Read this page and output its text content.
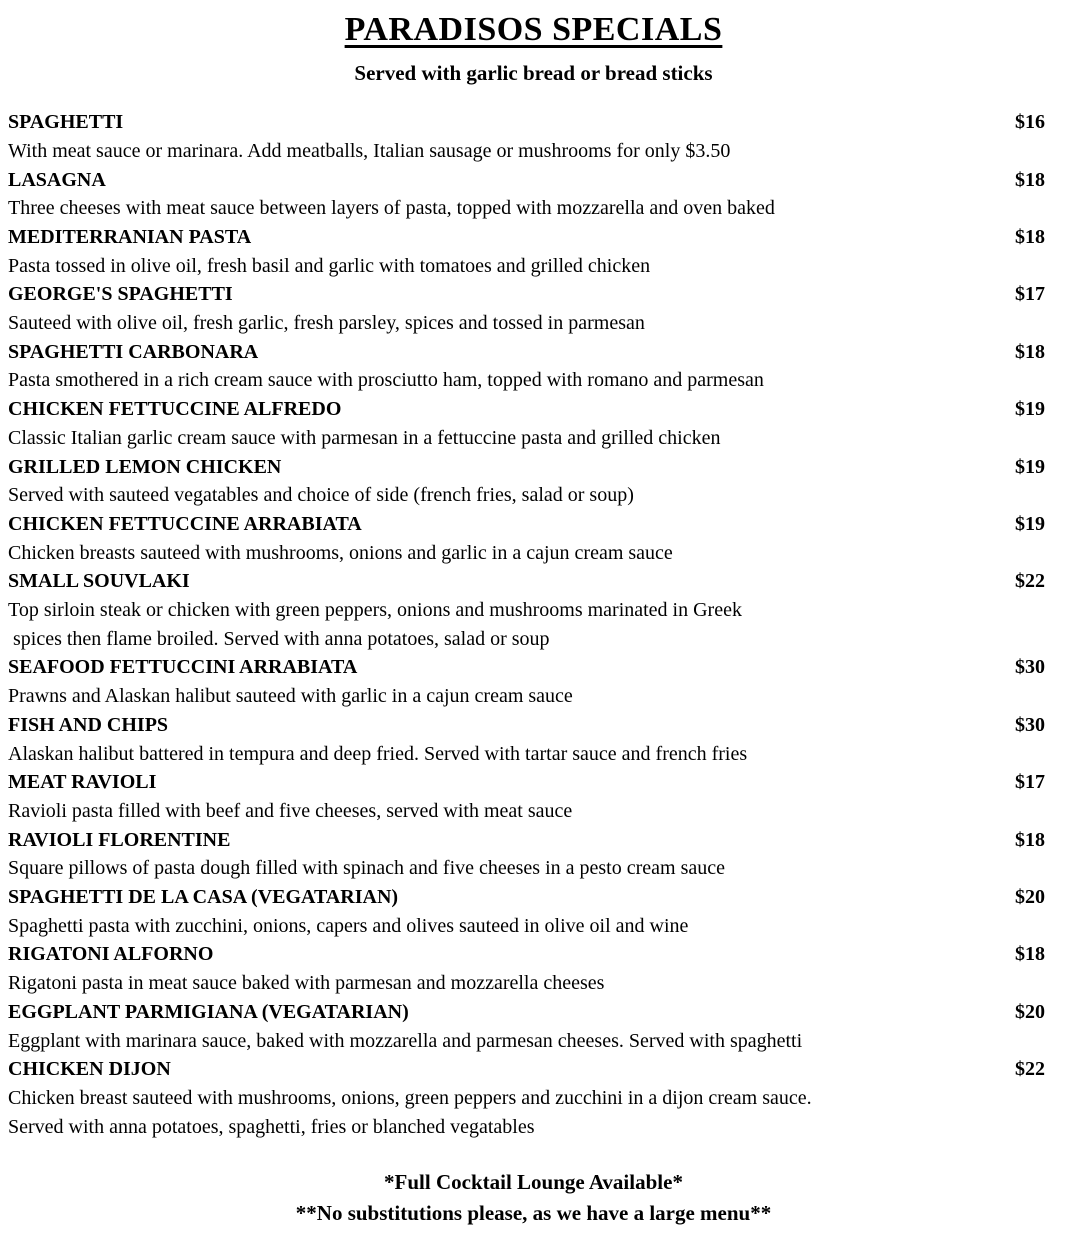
PARADISOS SPECIALS
Served with garlic bread or bread sticks
SPAGHETTI	$16
With meat sauce or marinara. Add meatballs, Italian sausage or mushrooms for only $3.50
LASAGNA	$18
Three cheeses with meat sauce between layers of pasta, topped with mozzarella and oven baked
MEDITERRANIAN PASTA	$18
Pasta tossed in olive oil, fresh basil and garlic with tomatoes and grilled chicken
GEORGE'S SPAGHETTI	$17
Sauteed with olive oil, fresh garlic, fresh parsley, spices and tossed in parmesan
SPAGHETTI CARBONARA	$18
Pasta smothered in a rich cream sauce with prosciutto ham, topped with romano and parmesan
CHICKEN FETTUCCINE ALFREDO	$19
Classic Italian garlic cream sauce with parmesan in a fettuccine pasta and grilled chicken
GRILLED LEMON CHICKEN	$19
Served with sauteed vegatables and choice of side (french fries, salad or soup)
CHICKEN FETTUCCINE ARRABIATA	$19
Chicken breasts sauteed with mushrooms, onions and garlic in a cajun cream sauce
SMALL SOUVLAKI	$22
Top sirloin steak or chicken with green peppers, onions and mushrooms marinated in Greek
spices then flame broiled. Served with anna potatoes, salad or soup
SEAFOOD FETTUCCINI ARRABIATA	$30
Prawns and Alaskan halibut sauteed with garlic in a cajun cream sauce
FISH AND CHIPS	$30
Alaskan halibut battered in tempura and deep fried. Served with tartar sauce and french fries
MEAT RAVIOLI	$17
Ravioli pasta filled with beef and five cheeses, served with meat sauce
RAVIOLI FLORENTINE	$18
Square pillows of pasta dough filled with spinach and five cheeses in a pesto cream sauce
SPAGHETTI DE LA CASA (VEGATARIAN)	$20
Spaghetti pasta with zucchini, onions, capers and olives sauteed in olive oil and wine
RIGATONI ALFORNO	$18
Rigatoni pasta in meat sauce baked with parmesan and mozzarella cheeses
EGGPLANT PARMIGIANA (VEGATARIAN)	$20
Eggplant with marinara sauce, baked with mozzarella and parmesan cheeses. Served with spaghetti
CHICKEN DIJON	$22
Chicken breast sauteed with mushrooms, onions, green peppers and zucchini in a dijon cream sauce.
Served with anna potatoes, spaghetti, fries or blanched vegatables
*Full Cocktail Lounge Available*
**No substitutions please, as we have a large menu**
